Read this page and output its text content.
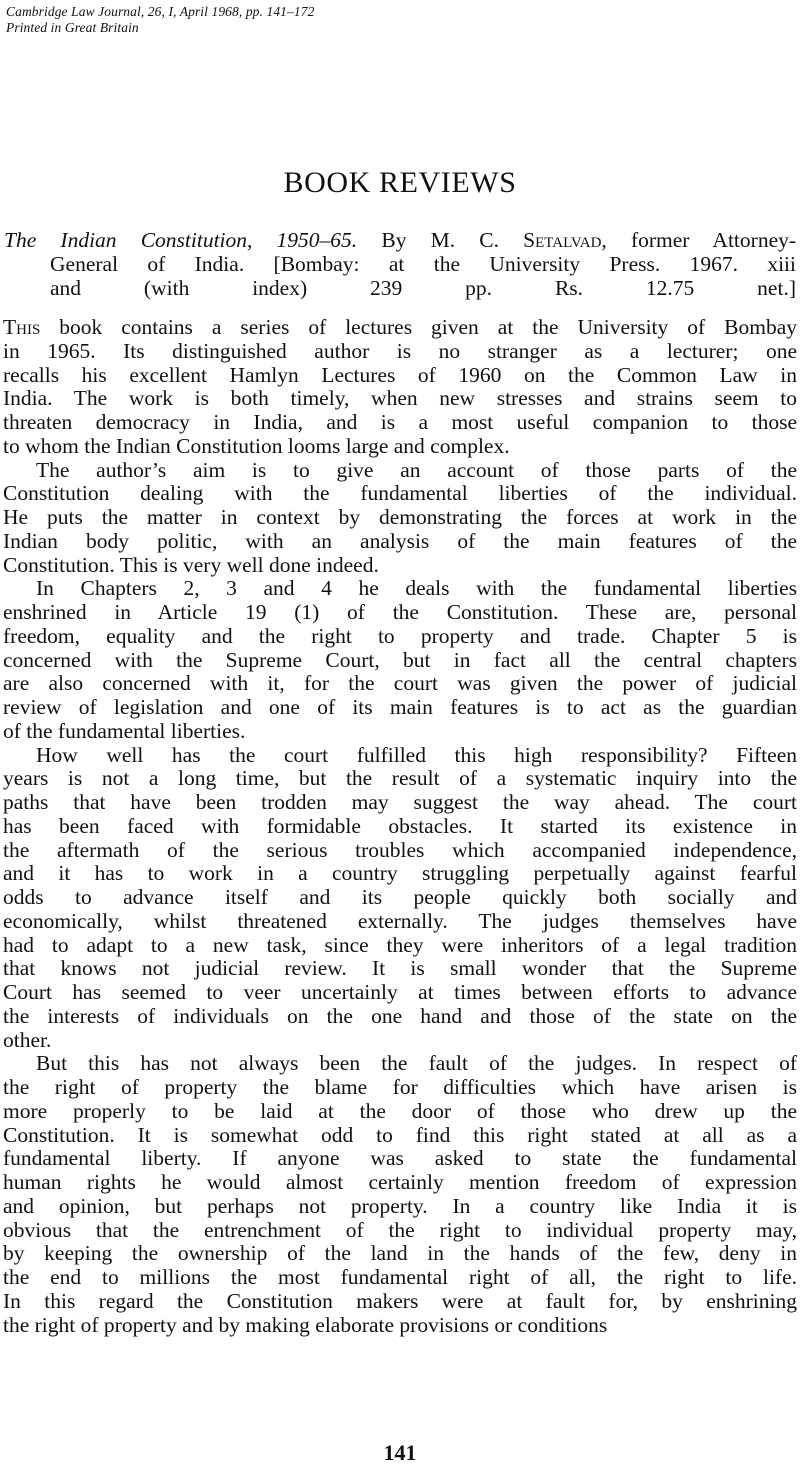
Cambridge Law Journal, 26, I, April 1968, pp. 141–172
Printed in Great Britain
BOOK REVIEWS
The Indian Constitution, 1950–65. By M. C. Setalvad, former Attorney-
General of India. [Bombay: at the University Press. 1967. xiii
and (with index) 239 pp. Rs. 12.75 net.]
This book contains a series of lectures given at the University of Bombay
in 1965. Its distinguished author is no stranger as a lecturer; one
recalls his excellent Hamlyn Lectures of 1960 on the Common Law in
India. The work is both timely, when new stresses and strains seem to
threaten democracy in India, and is a most useful companion to those
to whom the Indian Constitution looms large and complex.
The author’s aim is to give an account of those parts of the
Constitution dealing with the fundamental liberties of the individual.
He puts the matter in context by demonstrating the forces at work in the
Indian body politic, with an analysis of the main features of the
Constitution. This is very well done indeed.
In Chapters 2, 3 and 4 he deals with the fundamental liberties
enshrined in Article 19 (1) of the Constitution. These are, personal
freedom, equality and the right to property and trade. Chapter 5 is
concerned with the Supreme Court, but in fact all the central chapters
are also concerned with it, for the court was given the power of judicial
review of legislation and one of its main features is to act as the guardian
of the fundamental liberties.
How well has the court fulfilled this high responsibility? Fifteen
years is not a long time, but the result of a systematic inquiry into the
paths that have been trodden may suggest the way ahead. The court
has been faced with formidable obstacles. It started its existence in
the aftermath of the serious troubles which accompanied independence,
and it has to work in a country struggling perpetually against fearful
odds to advance itself and its people quickly both socially and
economically, whilst threatened externally. The judges themselves have
had to adapt to a new task, since they were inheritors of a legal tradition
that knows not judicial review. It is small wonder that the Supreme
Court has seemed to veer uncertainly at times between efforts to advance
the interests of individuals on the one hand and those of the state on the
other.
But this has not always been the fault of the judges. In respect of
the right of property the blame for difficulties which have arisen is
more properly to be laid at the door of those who drew up the
Constitution. It is somewhat odd to find this right stated at all as a
fundamental liberty. If anyone was asked to state the fundamental
human rights he would almost certainly mention freedom of expression
and opinion, but perhaps not property. In a country like India it is
obvious that the entrenchment of the right to individual property may,
by keeping the ownership of the land in the hands of the few, deny in
the end to millions the most fundamental right of all, the right to life.
In this regard the Constitution makers were at fault for, by enshrining
the right of property and by making elaborate provisions or conditions
141
